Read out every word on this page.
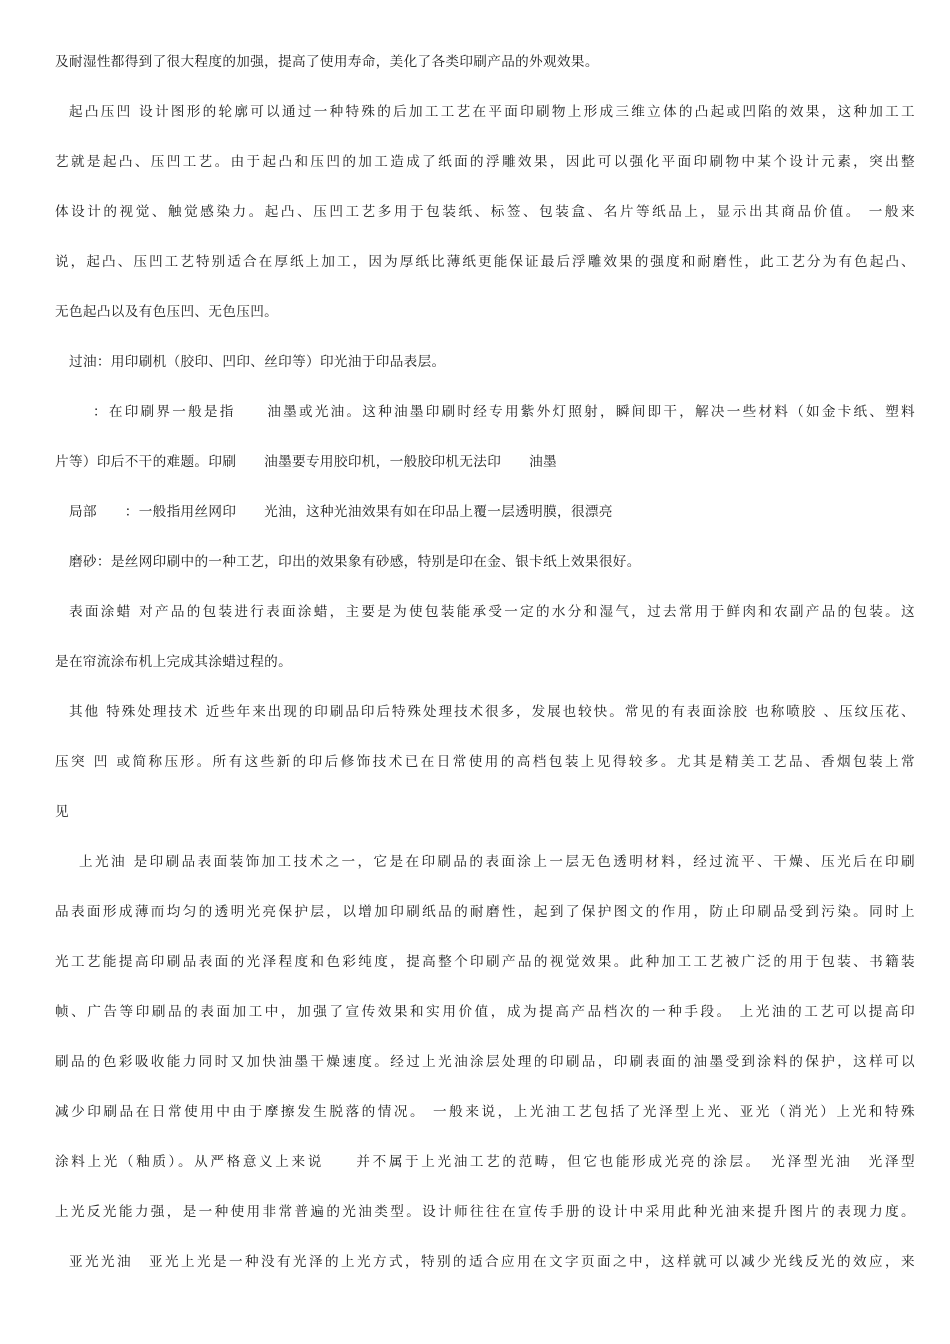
及耐湿性都得到了很大程度的加强，提高了使用寿命，美化了各类印刷产品的外观效果。
起凸压凹 设计图形的轮廓可以通过一种特殊的后加工工艺在平面印刷物上形成三维立体的凸起或凹陷的效果，这种加工工
艺就是起凸、压凹工艺。由于起凸和压凹的加工造成了纸面的浮雕效果，因此可以强化平面印刷物中某个设计元素，突出整
体设计的视觉、触觉感染力。起凸、压凹工艺多用于包装纸、标签、包装盒、名片等纸品上，显示出其商品价值。 一般来
说，起凸、压凹工艺特别适合在厚纸上加工，因为厚纸比薄纸更能保证最后浮雕效果的强度和耐磨性，此工艺分为有色起凸、
无色起凸以及有色压凹、无色压凹。
过油：用印刷机（胶印、凹印、丝印等）印光油于印品表层。
：在印刷界一般是指　　油墨或光油。这种油墨印刷时经专用紫外灯照射，瞬间即干，解决一些材料（如金卡纸、塑料
片等）印后不干的难题。印刷　　油墨要专用胶印机，一般胶印机无法印　　油墨
局部　　：一般指用丝网印　　光油，这种光油效果有如在印品上覆一层透明膜，很漂亮
磨砂：是丝网印刷中的一种工艺，印出的效果象有砂感，特别是印在金、银卡纸上效果很好。
表面涂蜡 对产品的包装进行表面涂蜡，主要是为使包装能承受一定的水分和湿气，过去常用于鲜肉和农副产品的包装。这
是在帘流涂布机上完成其涂蜡过程的。
其他 特殊处理技术 近些年来出现的印刷品印后特殊处理技术很多，发展也较快。常见的有表面涂胶 也称喷胶 、压纹压花、
压突 凹 或简称压形。所有这些新的印后修饰技术已在日常使用的高档包装上见得较多。尤其是精美工艺品、香烟包装上常
见
上光油 是印刷品表面装饰加工技术之一，它是在印刷品的表面涂上一层无色透明材料，经过流平、干燥、压光后在印刷
品表面形成薄而均匀的透明光亮保护层，以增加印刷纸品的耐磨性，起到了保护图文的作用，防止印刷品受到污染。同时上
光工艺能提高印刷品表面的光泽程度和色彩纯度，提高整个印刷产品的视觉效果。此种加工工艺被广泛的用于包装、书籍装
帧、广告等印刷品的表面加工中，加强了宣传效果和实用价值，成为提高产品档次的一种手段。 上光油的工艺可以提高印
刷品的色彩吸收能力同时又加快油墨干燥速度。经过上光油涂层处理的印刷品，印刷表面的油墨受到涂料的保护，这样可以
减少印刷品在日常使用中由于摩擦发生脱落的情况。 一般来说，上光油工艺包括了光泽型上光、亚光（消光）上光和特殊
涂料上光（釉质）。从严格意义上来说　　并不属于上光油工艺的范畴，但它也能形成光亮的涂层。　光泽型光油　光泽型
上光反光能力强，是一种使用非常普遍的光油类型。设计师往往在宣传手册的设计中采用此种光油来提升图片的表现力度。
亚光光油　亚光上光是一种没有光泽的上光方式，特别的适合应用在文字页面之中，这样就可以减少光线反光的效应，来
